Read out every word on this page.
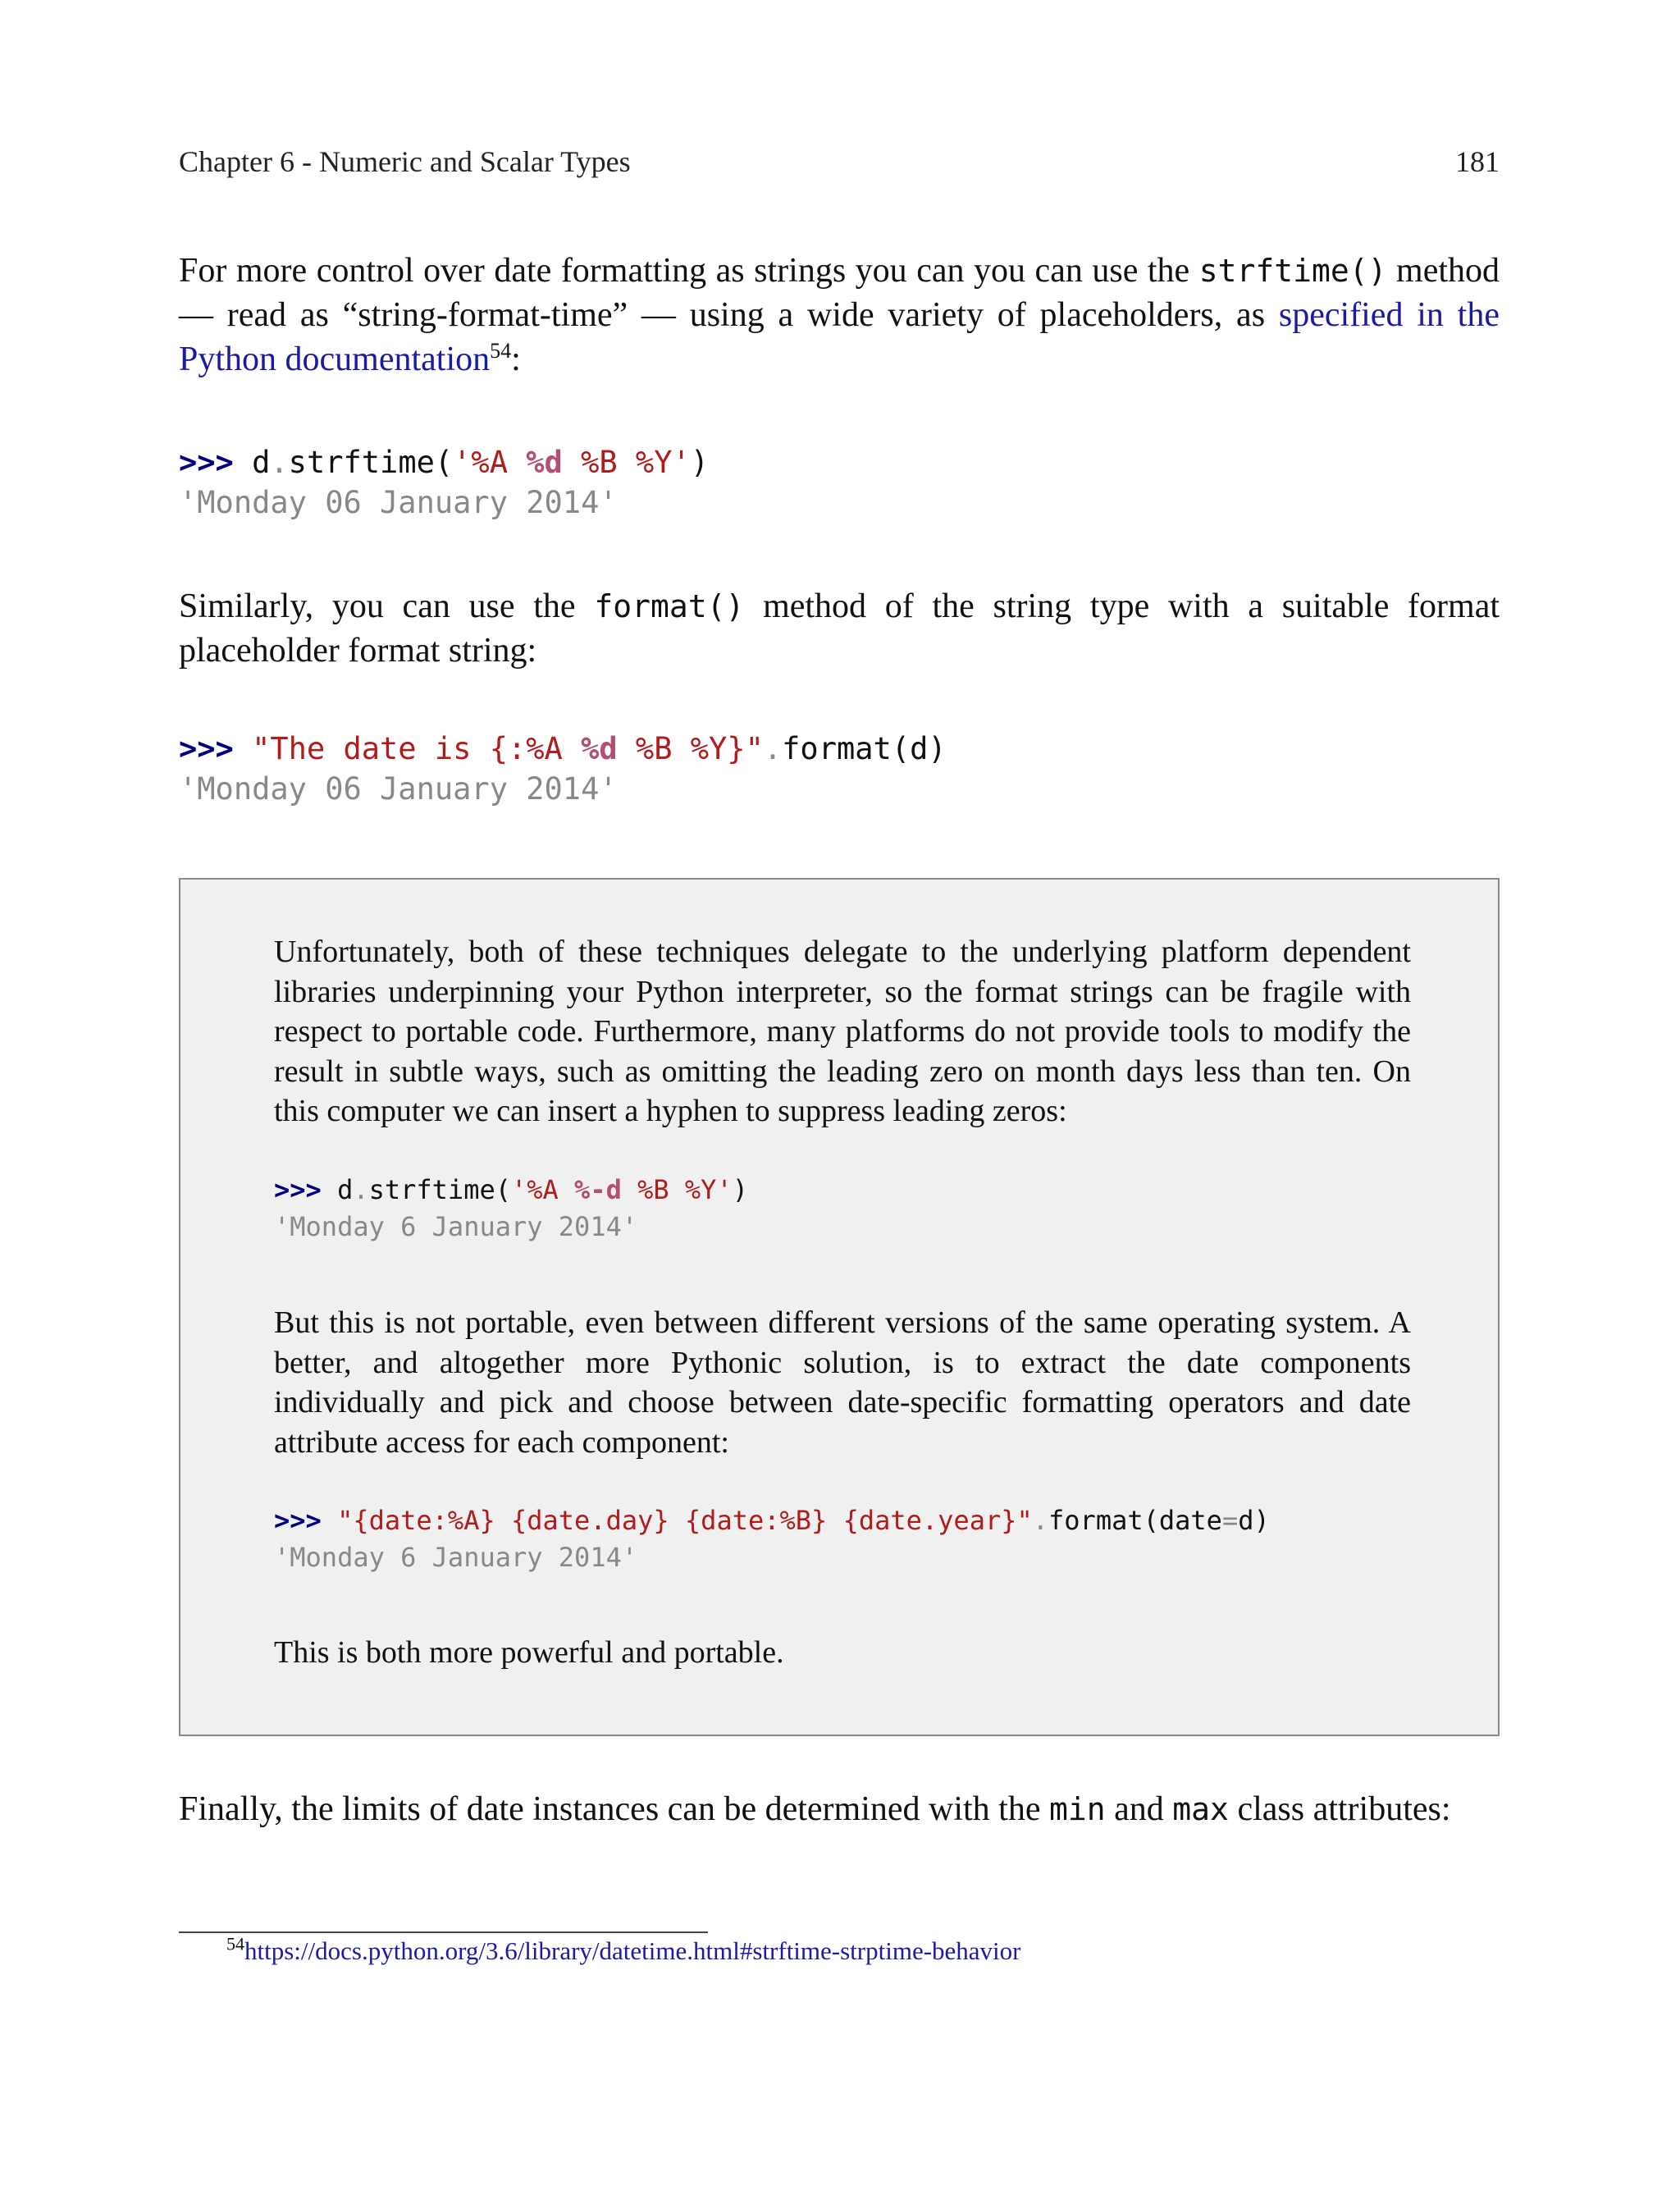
Chapter 6 - Numeric and Scalar Types	181
For more control over date formatting as strings you can you can use the strftime() method — read as “string-format-time” — using a wide variety of placeholders, as specified in the Python documentation$^{54}$:
>>> d.strftime('%A %d %B %Y')
'Monday 06 January 2014'
Similarly, you can use the format() method of the string type with a suitable format placeholder format string:
>>> "The date is {:%A %d %B %Y}".format(d)
'Monday 06 January 2014'
Unfortunately, both of these techniques delegate to the underlying platform dependent libraries underpinning your Python interpreter, so the format strings can be fragile with respect to portable code. Furthermore, many platforms do not provide tools to modify the result in subtle ways, such as omitting the leading zero on month days less than ten. On this computer we can insert a hyphen to suppress leading zeros:
>>> d.strftime('%A %-d %B %Y')
'Monday 6 January 2014'
But this is not portable, even between different versions of the same operating system. A better, and altogether more Pythonic solution, is to extract the date components individually and pick and choose between date-specific formatting operators and date attribute access for each component:
>>> "{date:%A} {date.day} {date:%B} {date.year}".format(date=d)
'Monday 6 January 2014'
This is both more powerful and portable.
Finally, the limits of date instances can be determined with the min and max class attributes:
$^{54}$https://docs.python.org/3.6/library/datetime.html#strftime-strptime-behavior
